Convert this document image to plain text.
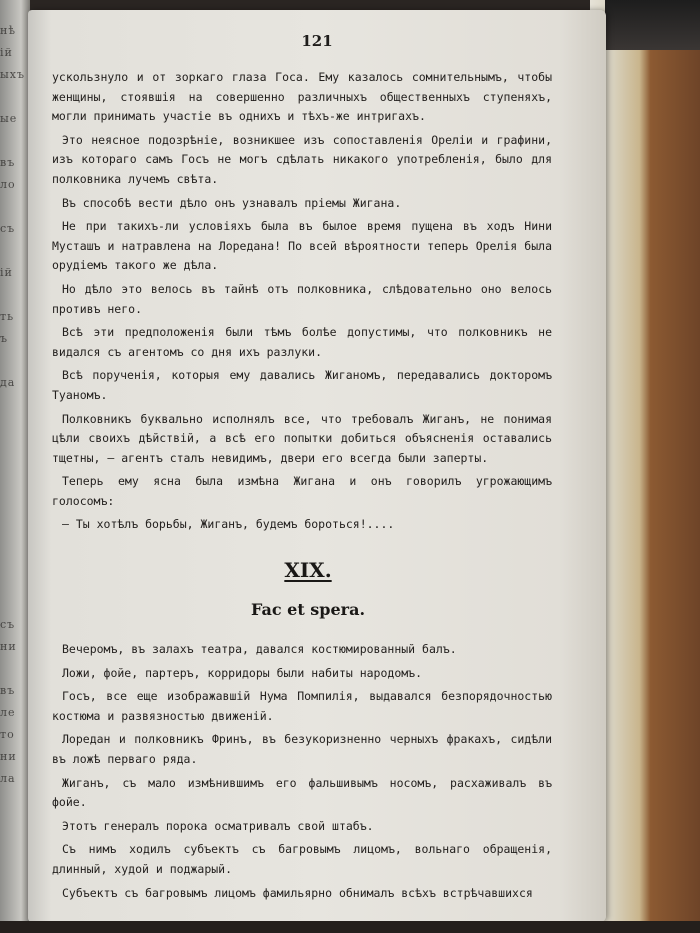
нѣ
ій
ыхъ

ые

въ
ло

съ

ій

ть
ъ

да

съ
ни

въ
ле
то
ни
ла
121

ускользнуло и от зоркаго глаза Госа. Ему казалось сомнительнымъ, чтобы женщины, стоявшія на совершенно различныхъ общественныхъ ступеняхъ, могли принимать участіе въ однихъ и тѣхъ-же интригахъ.

Это неясное подозрѣніе, возникшее изъ сопоставленія Ореліи и графини, изъ котораго самъ Госъ не могъ сдѣлать никакого употребленія, было для полковника лучемъ свѣта.

Въ способѣ вести дѣло онъ узнавалъ пріемы Жигана.

Не при такихъ-ли условіяхъ была въ былое время пущена въ ходъ Нини Мусташъ и натравлена на Лоредана! По всей вѣроятности теперь Орелія была орудіемъ такого же дѣла.

Но дѣло это велось въ тайнѣ отъ полковника, слѣдовательно оно велось противъ него.

Всѣ эти предположенія были тѣмъ болѣе допустимы, что полковникъ не видался съ агентомъ со дня ихъ разлуки.

Всѣ порученія, которыя ему давались Жиганомъ, передавались докторомъ Туаномъ.

Полковникъ буквально исполнялъ все, что требовалъ Жиганъ, не понимая цѣли своихъ дѣйствій, а всѣ его попытки добиться объясненія оставались тщетны, — агентъ сталъ невидимъ, двери его всегда были заперты.

Теперь ему ясна была измѣна Жигана и онъ говорилъ угрожающимъ голосомъ:

— Ты хотѣлъ борьбы, Жиганъ, будемъ бороться!....

XIX.
Fac et spera.

Вечеромъ, въ залахъ театра, давался костюмированный балъ.

Ложи, фойе, партеръ, корридоры были набиты народомъ.

Госъ, все еще изображавшій Нума Помпилія, выдавался безпорядочностью костюма и развязностью движеній.

Лоредан и полковникъ Фринъ, въ безукоризненно черныхъ фракахъ, сидѣли въ ложѣ перваго ряда.

Жиганъ, съ мало измѣнившимъ его фальшивымъ носомъ, расхаживалъ въ фойе.

Этотъ генералъ порока осматривалъ свой штабъ.

Съ нимъ ходилъ субъектъ съ багровымъ лицомъ, вольнаго обращенія, длинный, худой и поджарый.

Субъектъ съ багровымъ лицомъ фамильярно обнималъ всѣхъ встрѣчавшихся
